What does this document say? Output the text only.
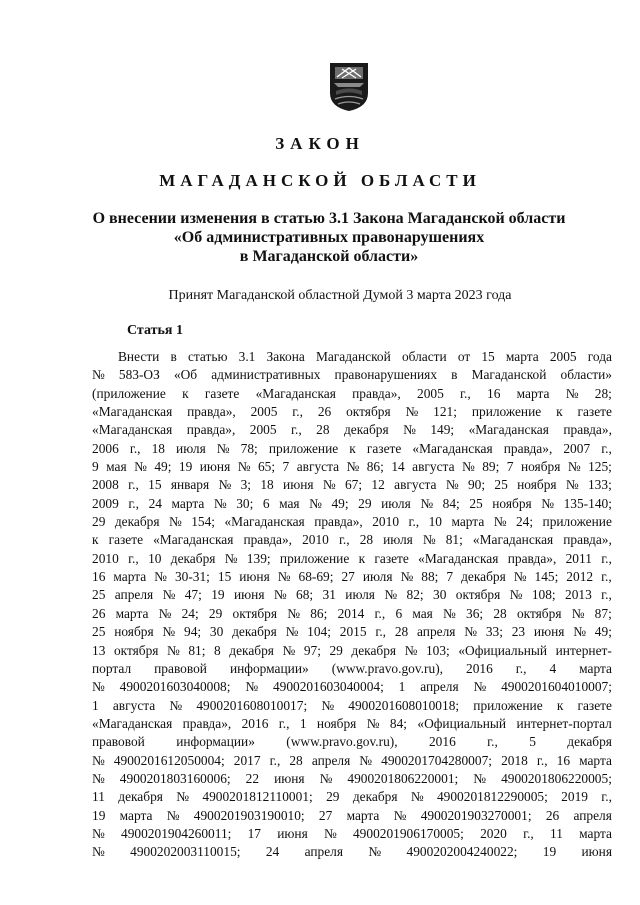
ЗАКОН
МАГАДАНСКОЙ ОБЛАСТИ
О внесении изменения в статью 3.1 Закона Магаданской области
«Об административных правонарушениях
в Магаданской области»
Принят Магаданской областной Думой 3 марта 2023 года
Статья 1
Внести в статью 3.1 Закона Магаданской области от 15 марта 2005 года
№ 583-ОЗ «Об административных правонарушениях в Магаданской области»
(приложение к газете «Магаданская правда», 2005 г., 16 марта № 28;
«Магаданская правда», 2005 г., 26 октября № 121; приложение к газете
«Магаданская правда», 2005 г., 28 декабря № 149; «Магаданская правда»,
2006 г., 18 июля № 78; приложение к газете «Магаданская правда», 2007 г.,
9 мая № 49; 19 июня № 65; 7 августа № 86; 14 августа № 89; 7 ноября № 125;
2008 г., 15 января № 3; 18 июня № 67; 12 августа № 90; 25 ноября № 133;
2009 г., 24 марта № 30; 6 мая № 49; 29 июля № 84; 25 ноября № 135-140;
29 декабря № 154; «Магаданская правда», 2010 г., 10 марта № 24; приложение
к газете «Магаданская правда», 2010 г., 28 июля № 81; «Магаданская правда»,
2010 г., 10 декабря № 139; приложение к газете «Магаданская правда», 2011 г.,
16 марта № 30-31; 15 июня № 68-69; 27 июля № 88; 7 декабря № 145; 2012 г.,
25 апреля № 47; 19 июня № 68; 31 июля № 82; 30 октября № 108; 2013 г.,
26 марта № 24; 29 октября № 86; 2014 г., 6 мая № 36; 28 октября № 87;
25 ноября № 94; 30 декабря № 104; 2015 г., 28 апреля № 33; 23 июня № 49;
13 октября № 81; 8 декабря № 97; 29 декабря № 103; «Официальный интернет-
портал правовой информации» (www.pravo.gov.ru), 2016 г., 4 марта
№ 4900201603040008; № 4900201603040004; 1 апреля № 4900201604010007;
1 августа № 4900201608010017; № 4900201608010018; приложение к газете
«Магаданская правда», 2016 г., 1 ноября № 84; «Официальный интернет-портал
правовой информации» (www.pravo.gov.ru), 2016 г., 5 декабря
№ 4900201612050004; 2017 г., 28 апреля № 4900201704280007; 2018 г., 16 марта
№ 4900201803160006; 22 июня № 4900201806220001; № 4900201806220005;
11 декабря № 4900201812110001; 29 декабря № 4900201812290005; 2019 г.,
19 марта № 4900201903190010; 27 марта № 4900201903270001; 26 апреля
№ 4900201904260011; 17 июня № 4900201906170005; 2020 г., 11 марта
№ 4900202003110015; 24 апреля № 4900202004240022; 19 июня
